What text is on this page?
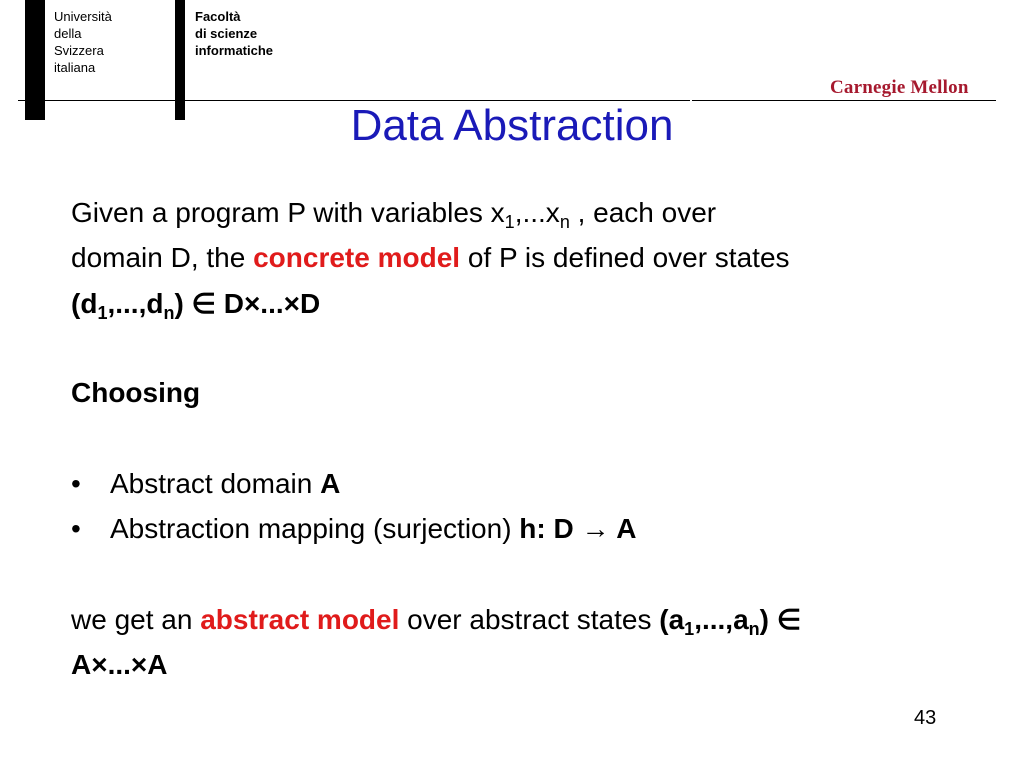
Università
della
Svizzera
italiana
Facoltà
di scienze
informatiche
Carnegie Mellon
Data Abstraction
Given a program P with variables $x_1,...x_n$ , each over
domain D, the concrete model of P is defined over states
$(d_1,...,d_n)$ ∈ D×...×D
Choosing
• Abstract domain A
• Abstraction mapping (surjection) h: D → A
we get an abstract model over abstract states $(a_1,...,a_n)$ ∈
A×...×A
43
